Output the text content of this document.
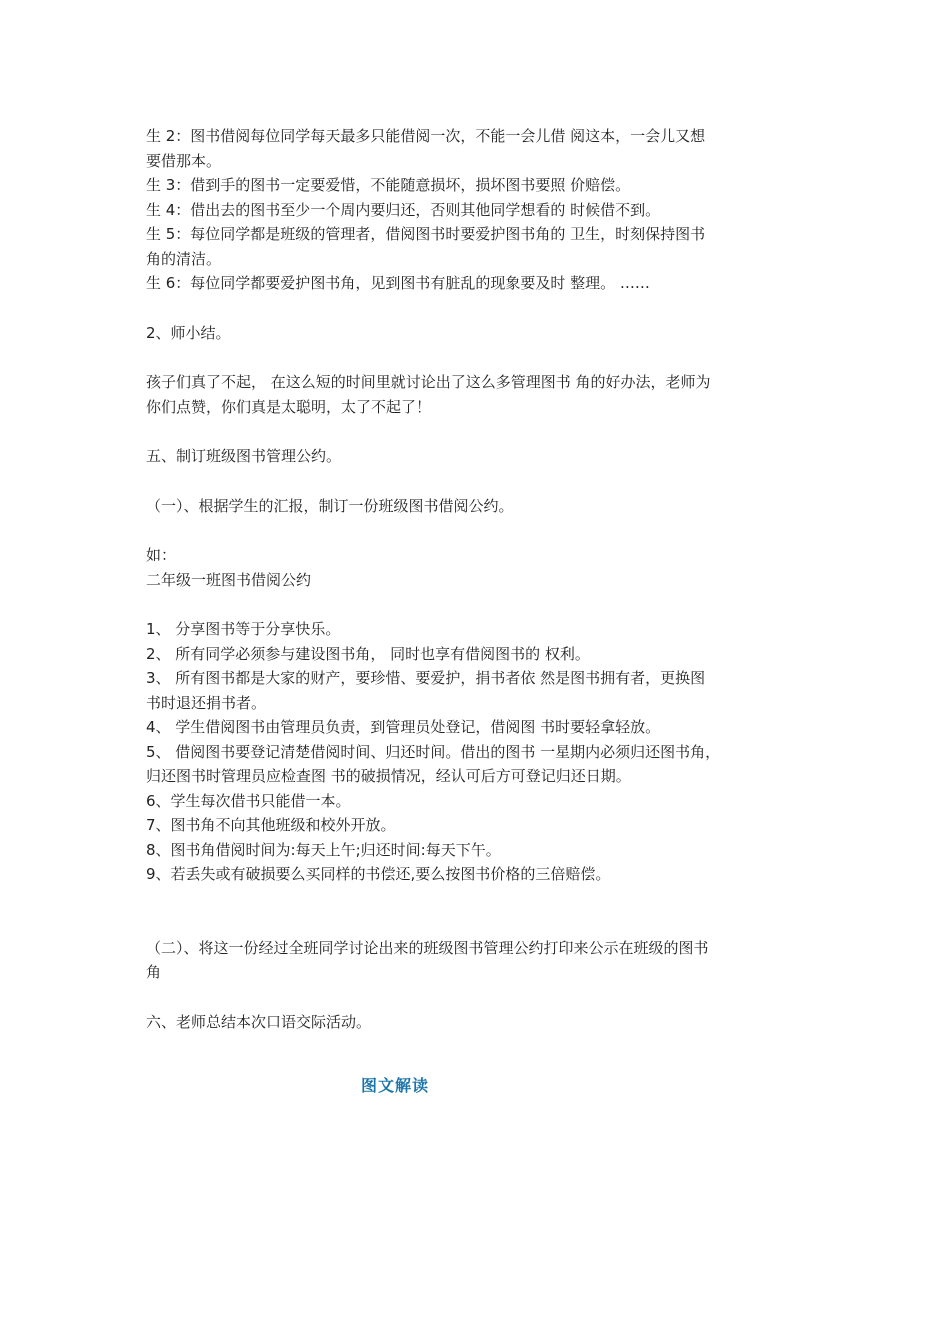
生 2：图书借阅每位同学每天最多只能借阅一次，不能一会儿借 阅这本，一会儿又想
要借那本。
生 3：借到手的图书一定要爱惜，不能随意损坏，损坏图书要照 价赔偿。
生 4：借出去的图书至少一个周内要归还，否则其他同学想看的 时候借不到。
生 5：每位同学都是班级的管理者，借阅图书时要爱护图书角的 卫生，时刻保持图书
角的清洁。
生 6：每位同学都要爱护图书角，见到图书有脏乱的现象要及时 整理。 ……
2、师小结。
孩子们真了不起， 在这么短的时间里就讨论出了这么多管理图书 角的好办法，老师为
你们点赞，你们真是太聪明，太了不起了！
五、制订班级图书管理公约。
（一）、根据学生的汇报，制订一份班级图书借阅公约。
如：
二年级一班图书借阅公约
1、 分享图书等于分享快乐。
2、 所有同学必须参与建设图书角， 同时也享有借阅图书的 权利。
3、 所有图书都是大家的财产，要珍惜、要爱护，捐书者依 然是图书拥有者，更换图
书时退还捐书者。
4、 学生借阅图书由管理员负责，到管理员处登记，借阅图 书时要轻拿轻放。
5、 借阅图书要登记清楚借阅时间、归还时间。借出的图书 一星期内必须归还图书角，
归还图书时管理员应检查图 书的破损情况，经认可后方可登记归还日期。
6、学生每次借书只能借一本。
7、图书角不向其他班级和校外开放。
8、图书角借阅时间为:每天上午;归还时间:每天下午。
9、若丢失或有破损要么买同样的书偿还,要么按图书价格的三倍赔偿。
（二）、将这一份经过全班同学讨论出来的班级图书管理公约打印来公示在班级的图书
角
六、老师总结本次口语交际活动。
图文解读
